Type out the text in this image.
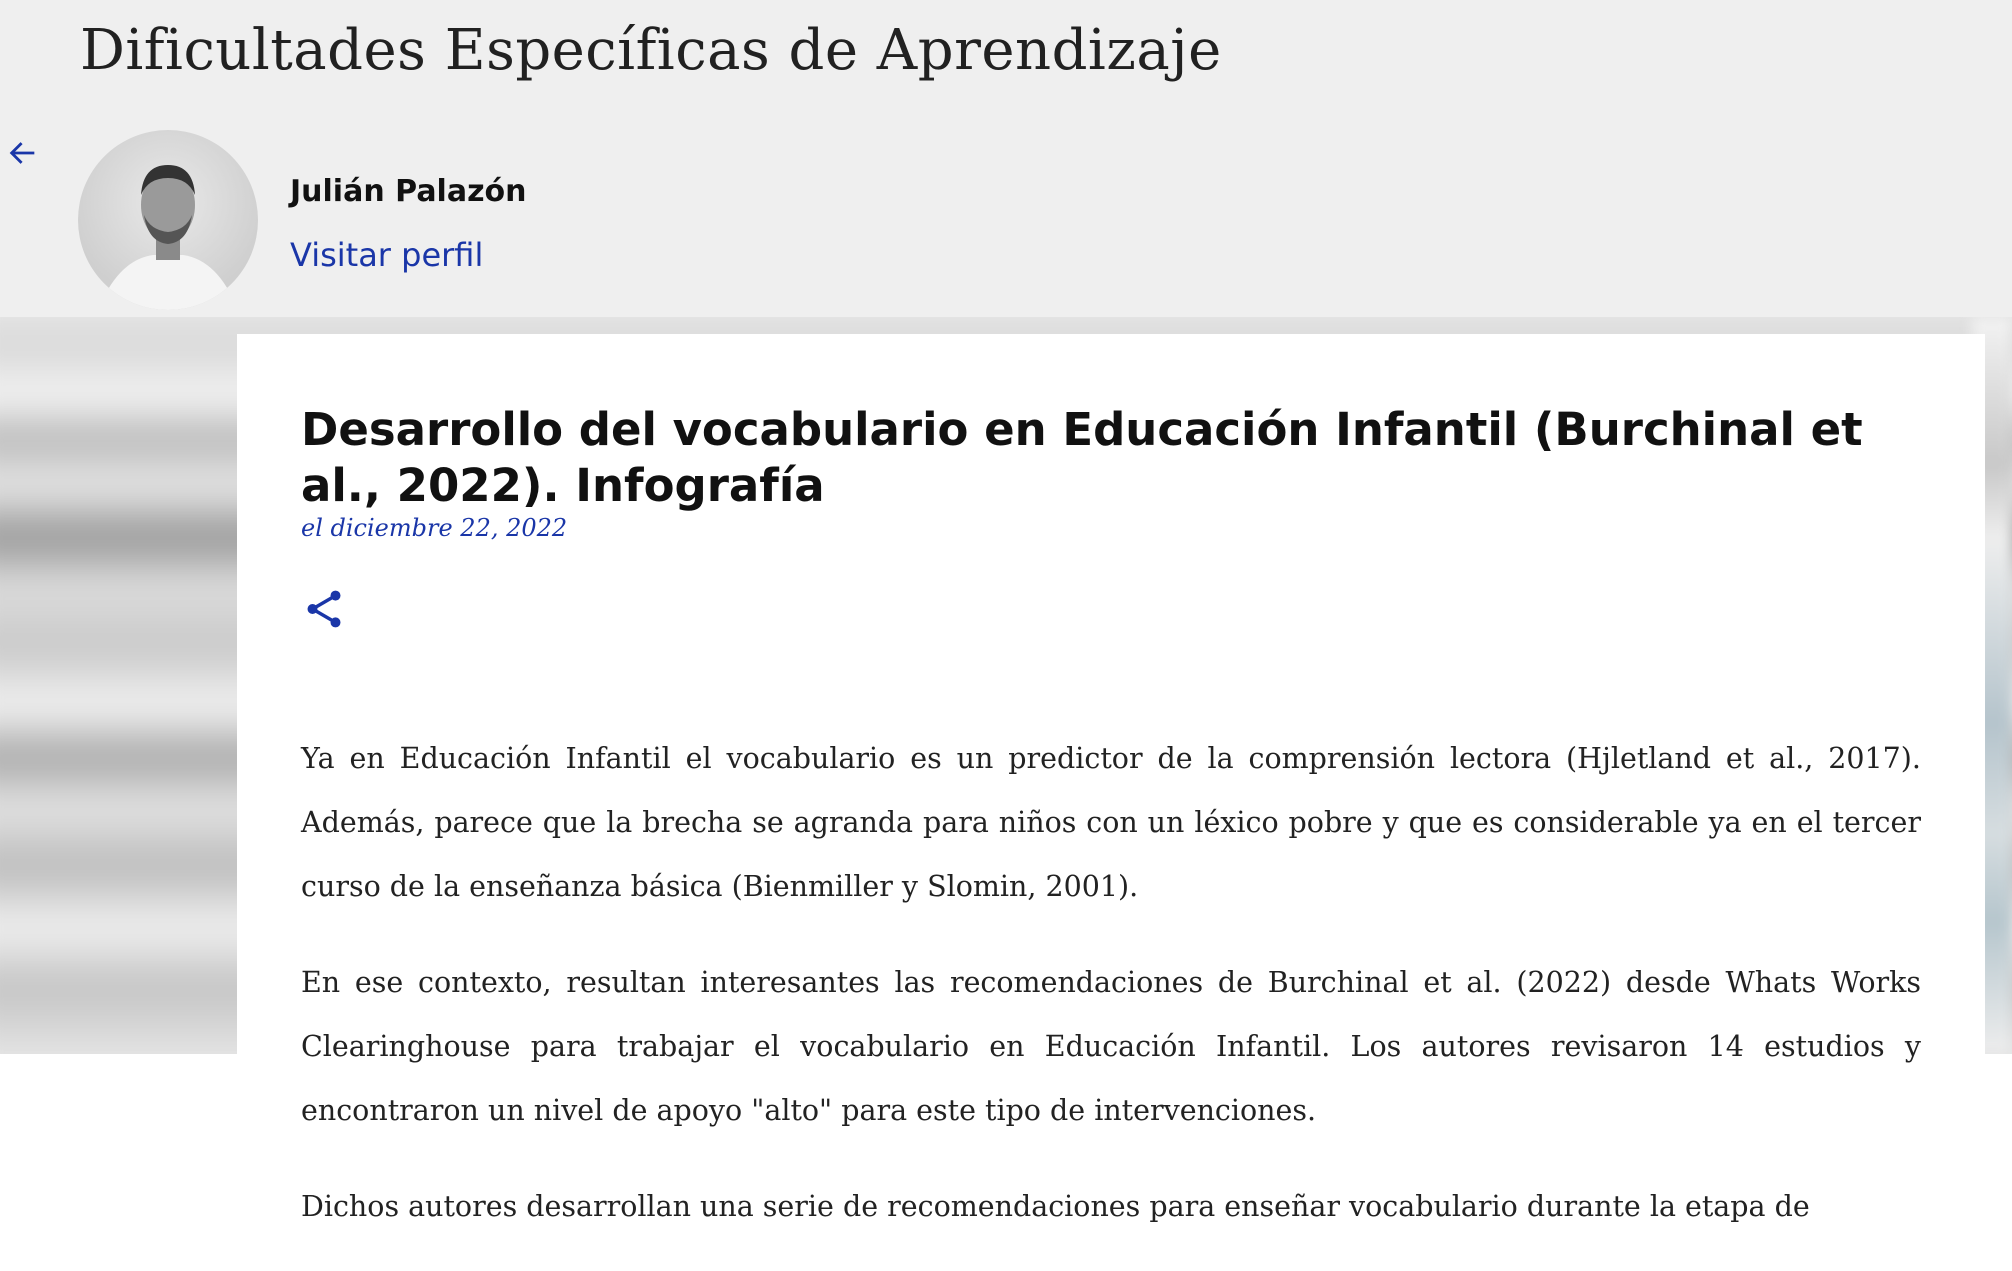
Dificultades Específicas de Aprendizaje
Julián Palazón
Visitar perfil
Desarrollo del vocabulario en Educación Infantil (Burchinal et al., 2022). Infografía
el diciembre 22, 2022

Ya en Educación Infantil el vocabulario es un predictor de la comprensión lectora (Hjletland et al., 2017). Además, parece que la brecha se agranda para niños con un léxico pobre y que es considerable ya en el tercer curso de la enseñanza básica (Bienmiller y Slomin, 2001).

En ese contexto, resultan interesantes las recomendaciones de Burchinal et al. (2022) desde Whats Works Clearinghouse para trabajar el vocabulario en Educación Infantil. Los autores revisaron 14 estudios y encontraron un nivel de apoyo "alto" para este tipo de intervenciones.

Dichos autores desarrollan una serie de recomendaciones para enseñar vocabulario durante la etapa de
